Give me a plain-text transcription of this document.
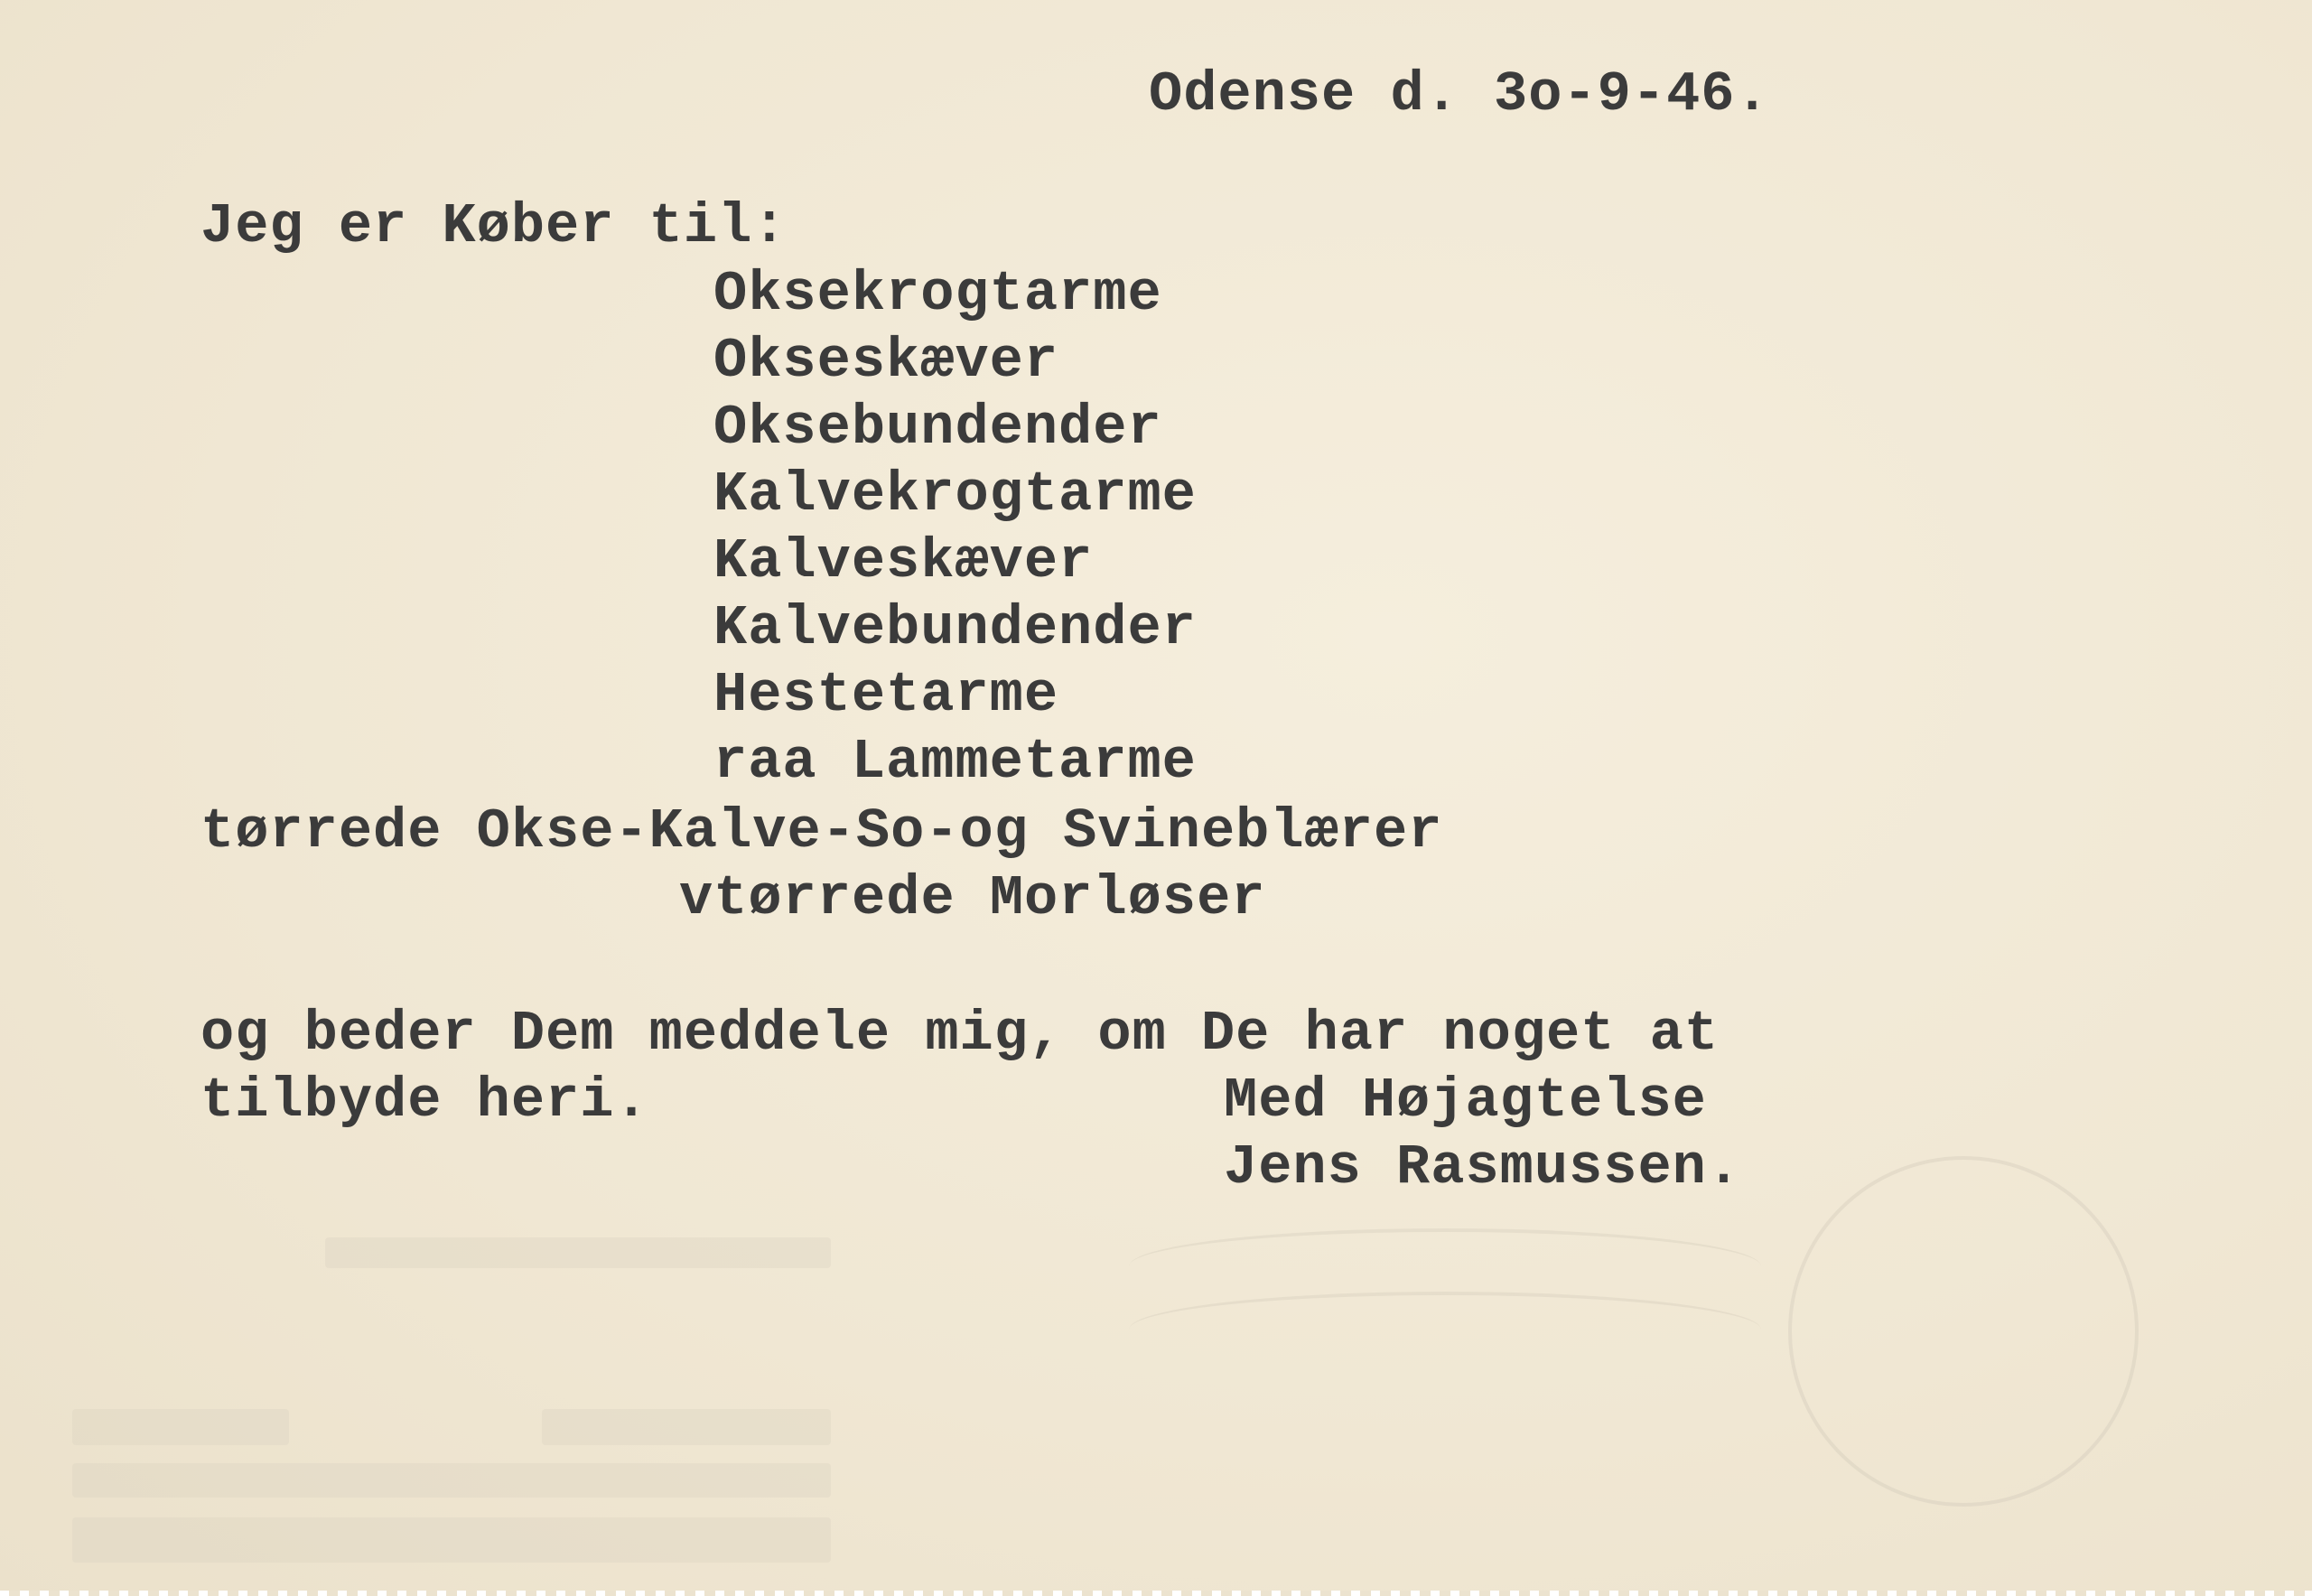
Odense d. 3o-9-46.
Jeg er Køber til:
Oksekrogtarme
Okseskæver
Oksebundender
Kalvekrogtarme
Kalveskæver
Kalvebundender
Hestetarme
raa Lammetarme
tørrede Okse-Kalve-So-og Svineblærer
vtørrede Morløser
og beder Dem meddele mig, om De har noget at
tilbyde heri.	Med Højagtelse
Jens Rasmussen.
